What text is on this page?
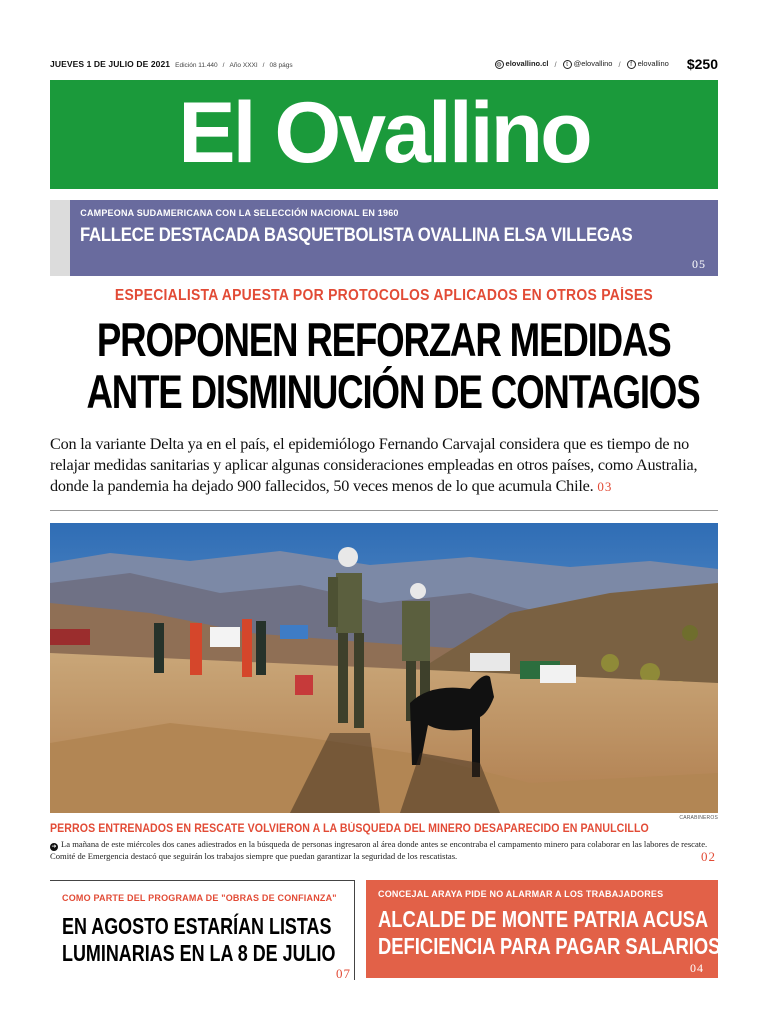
JUEVES 1 DE JULIO DE 2021 Edición 11.440 / Año XXXI / 08 págs	◍ elovallino.cl /	t @elovallino /	f elovallino $250
El Ovallino
CAMPEONA SUDAMERICANA CON LA SELECCIÓN NACIONAL EN 1960
FALLECE DESTACADA BASQUETBOLISTA OVALLINA ELSA VILLEGAS
05
ESPECIALISTA APUESTA POR PROTOCOLOS APLICADOS EN OTROS PAÍSES
PROPONEN REFORZAR MEDIDAS
ANTE DISMINUCIÓN DE CONTAGIOS
Con la variante Delta ya en el país, el epidemiólogo Fernando Carvajal considera que es tiempo de no relajar medidas sanitarias y aplicar algunas consideraciones empleadas en otros países, como Australia, donde la pandemia ha dejado 900 fallecidos, 50 veces menos de lo que acumula Chile. 03
CARABINEROS
PERROS ENTRENADOS EN RESCATE VOLVIERON A LA BÚSQUEDA DEL MINERO DESAPARECIDO EN PANULCILLO
➜ La mañana de este miércoles dos canes adiestrados en la búsqueda de personas ingresaron al área donde antes se encontraba el campamento minero para colaborar en las labores de rescate. Comité de Emergencia destacó que seguirán los trabajos siempre que puedan garantizar la seguridad de los rescatistas.	02
COMO PARTE DEL PROGRAMA DE "OBRAS DE CONFIANZA"
EN AGOSTO ESTARÍAN LISTAS
LUMINARIAS EN LA 8 DE JULIO
07
CONCEJAL ARAYA PIDE NO ALARMAR A LOS TRABAJADORES
ALCALDE DE MONTE PATRIA ACUSA
DEFICIENCIA PARA PAGAR SALARIOS
04
